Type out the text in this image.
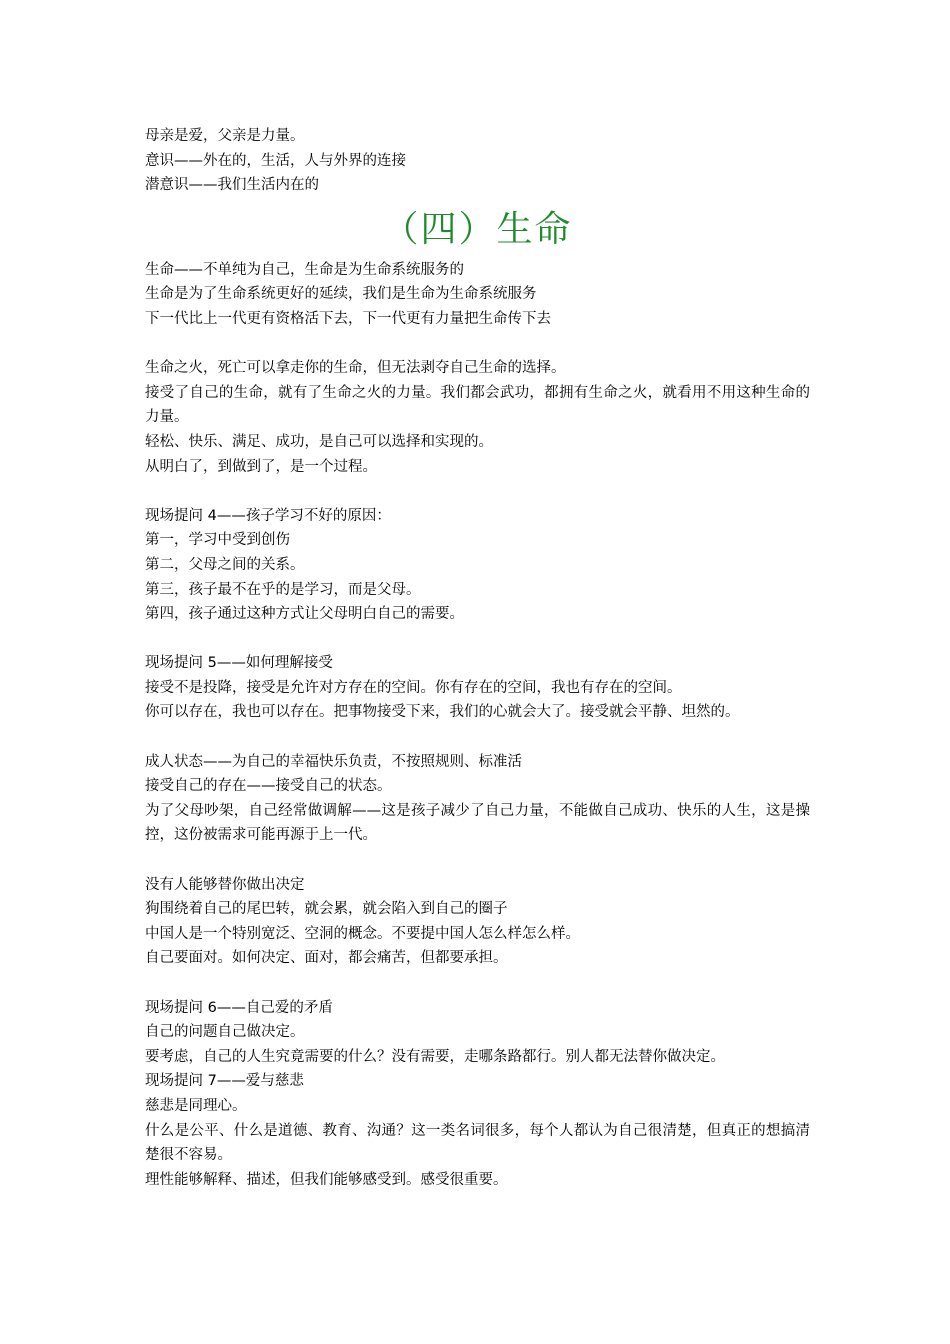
母亲是爱，父亲是力量。
意识——外在的，生活，人与外界的连接
潜意识——我们生活内在的
（四）生命
生命——不单纯为自己，生命是为生命系统服务的
生命是为了生命系统更好的延续，我们是生命为生命系统服务
下一代比上一代更有资格活下去，下一代更有力量把生命传下去
生命之火，死亡可以拿走你的生命，但无法剥夺自己生命的选择。
接受了自己的生命，就有了生命之火的力量。我们都会武功，都拥有生命之火，就看用不用这种生命的力量。
轻松、快乐、满足、成功，是自己可以选择和实现的。
从明白了，到做到了，是一个过程。
现场提问 4——孩子学习不好的原因：
第一，学习中受到创伤
第二，父母之间的关系。
第三，孩子最不在乎的是学习，而是父母。
第四，孩子通过这种方式让父母明白自己的需要。
现场提问 5——如何理解接受
接受不是投降，接受是允许对方存在的空间。你有存在的空间，我也有存在的空间。
你可以存在，我也可以存在。把事物接受下来，我们的心就会大了。接受就会平静、坦然的。
成人状态——为自己的幸福快乐负责，不按照规则、标准活
接受自己的存在——接受自己的状态。
为了父母吵架，自己经常做调解——这是孩子减少了自己力量，不能做自己成功、快乐的人生，这是操控，这份被需求可能再源于上一代。
没有人能够替你做出决定
狗围绕着自己的尾巴转，就会累，就会陷入到自己的圈子
中国人是一个特别宽泛、空洞的概念。不要提中国人怎么样怎么样。
自己要面对。如何决定、面对，都会痛苦，但都要承担。
现场提问 6——自己爱的矛盾
自己的问题自己做决定。
要考虑，自己的人生究竟需要的什么？没有需要，走哪条路都行。别人都无法替你做决定。
现场提问 7——爱与慈悲
慈悲是同理心。
什么是公平、什么是道德、教育、沟通？这一类名词很多，每个人都认为自己很清楚，但真正的想搞清楚很不容易。
理性能够解释、描述，但我们能够感受到。感受很重要。
